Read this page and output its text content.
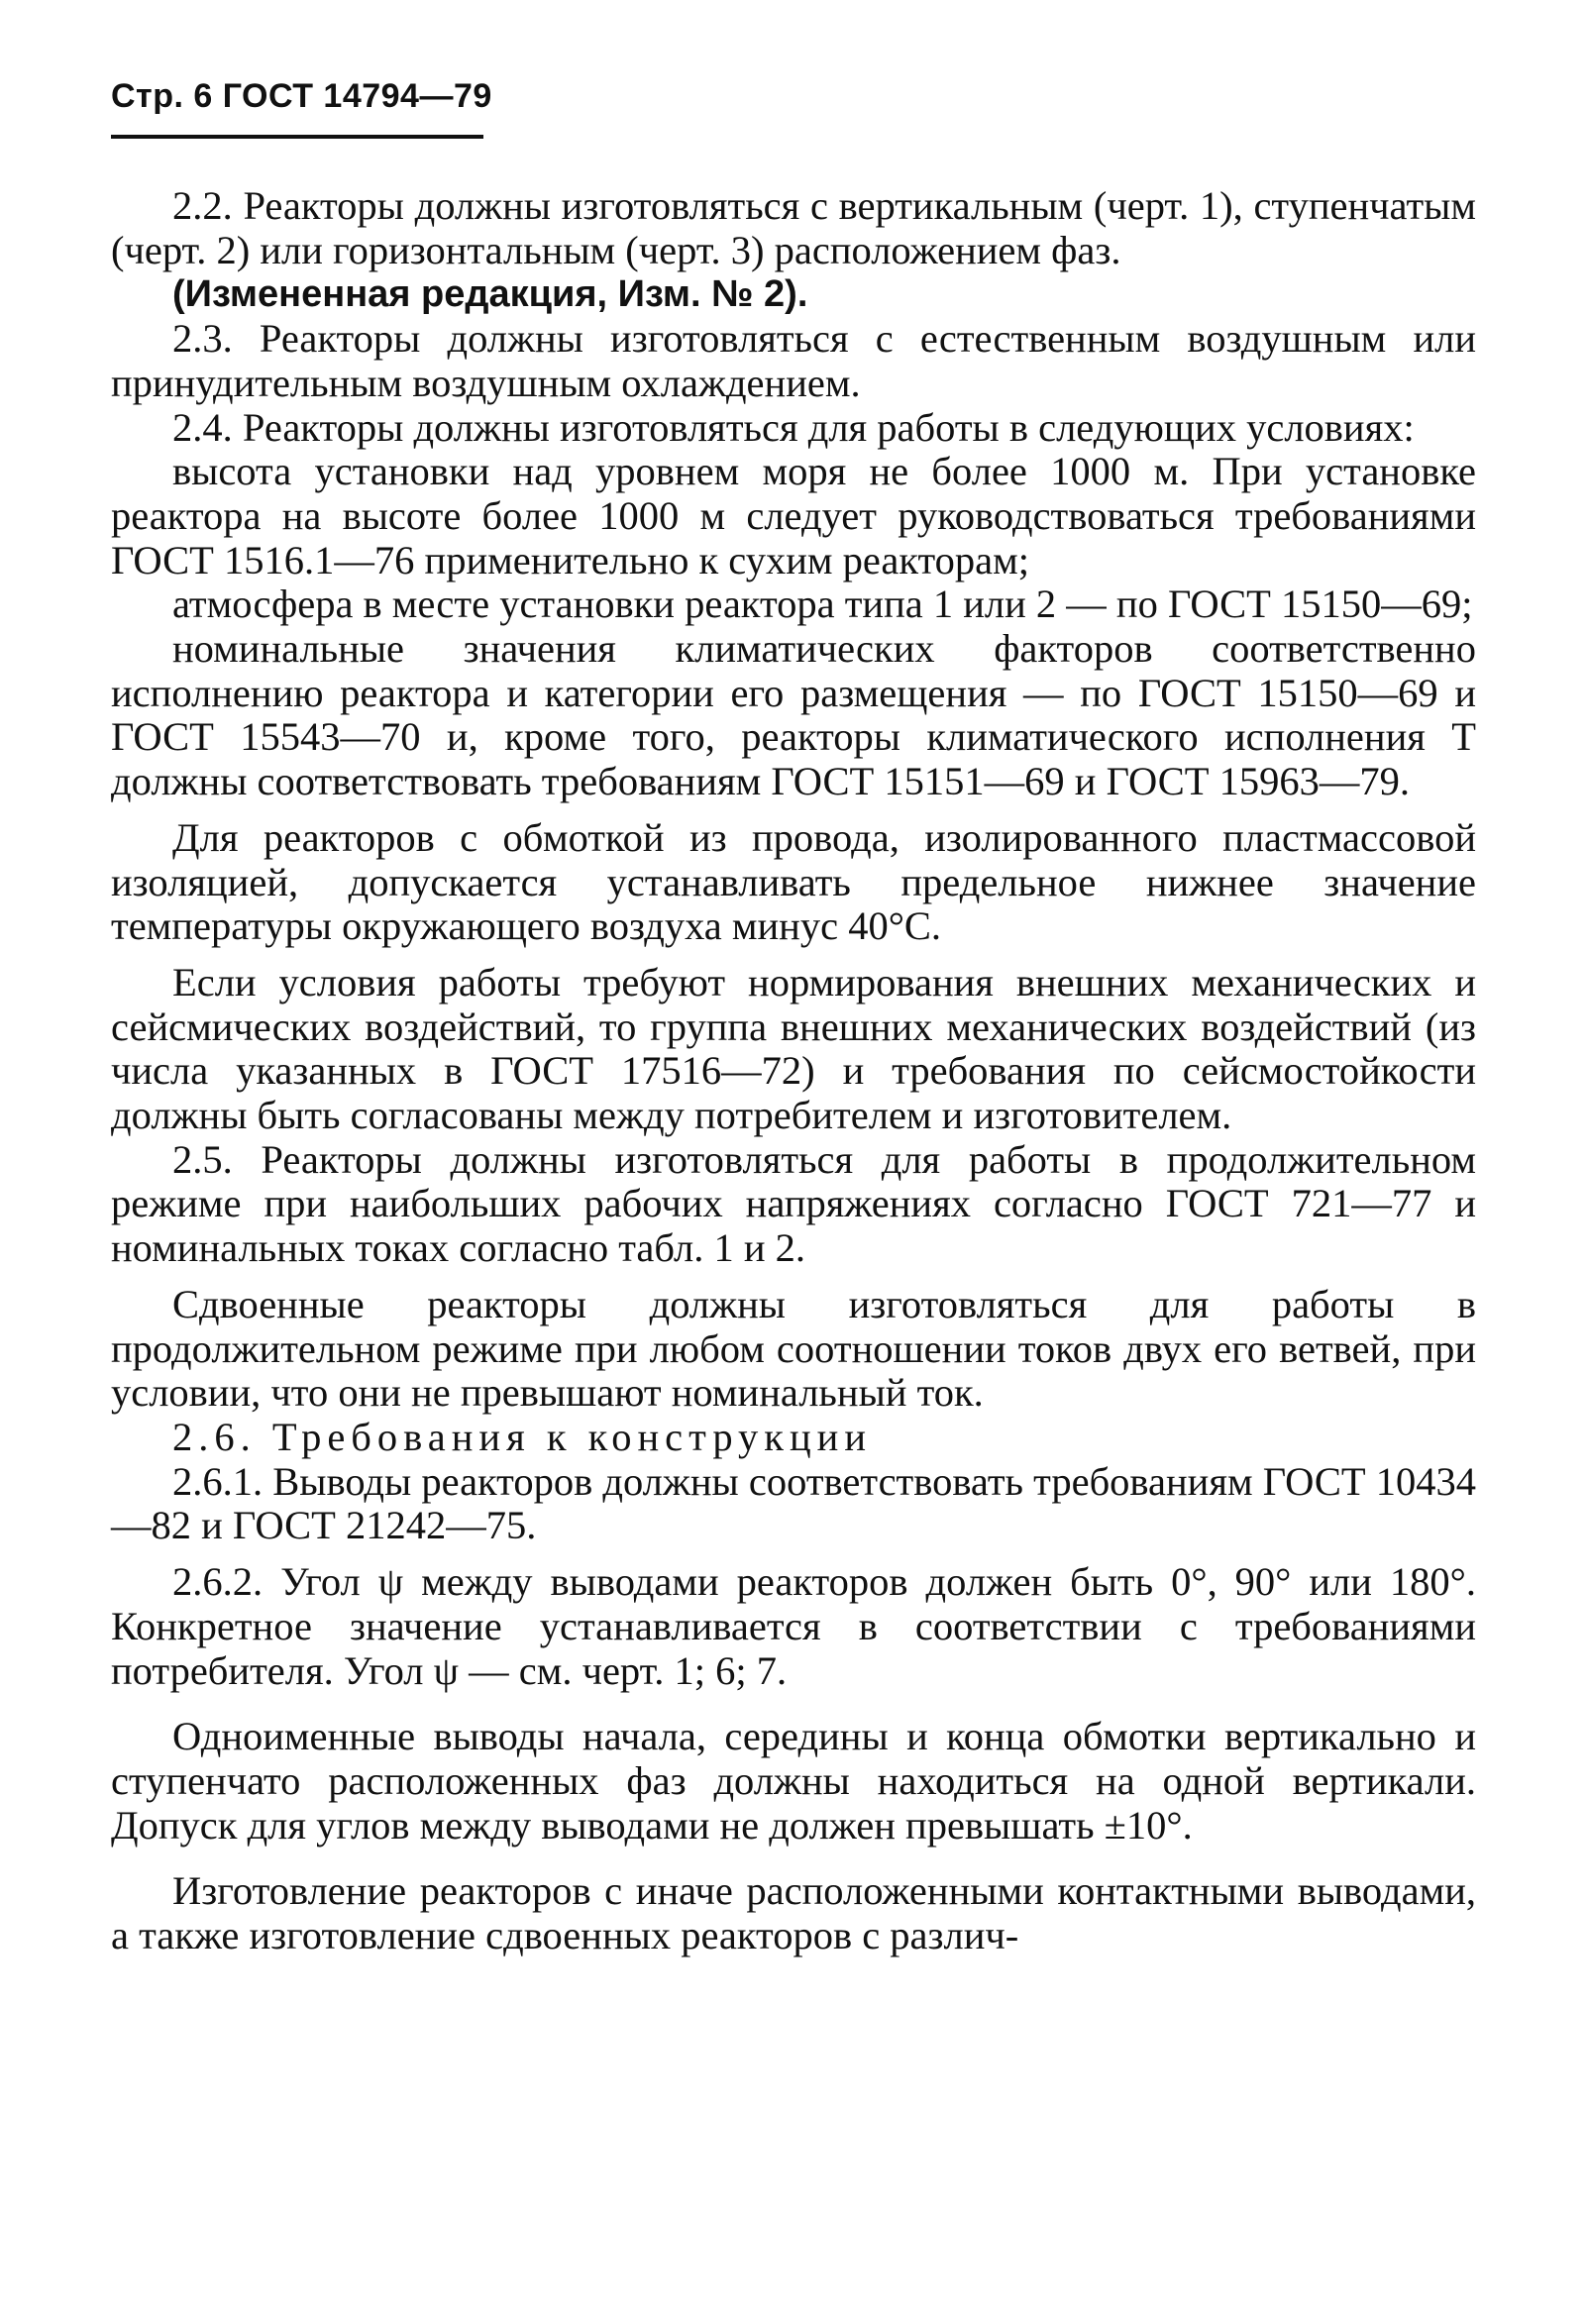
Стр. 6 ГОСТ 14794—79

2.2. Реакторы должны изготовляться с вертикальным (черт. 1), ступенчатым (черт. 2) или горизонтальным (черт. 3) расположением фаз.

(Измененная редакция, Изм. № 2).

2.3. Реакторы должны изготовляться с естественным воздушным или принудительным воздушным охлаждением.

2.4. Реакторы должны изготовляться для работы в следующих условиях:

высота установки над уровнем моря не более 1000 м. При установке реактора на высоте более 1000 м следует руководствоваться требованиями ГОСТ 1516.1—76 применительно к сухим реакторам;

атмосфера в месте установки реактора типа 1 или 2 — по ГОСТ 15150—69;

номинальные значения климатических факторов соответственно исполнению реактора и категории его размещения — по ГОСТ 15150—69 и ГОСТ 15543—70 и, кроме того, реакторы климатического исполнения Т должны соответствовать требованиям ГОСТ 15151—69 и ГОСТ 15963—79.

Для реакторов с обмоткой из провода, изолированного пластмассовой изоляцией, допускается устанавливать предельное нижнее значение температуры окружающего воздуха минус 40°С.

Если условия работы требуют нормирования внешних механических и сейсмических воздействий, то группа внешних механических воздействий (из числа указанных в ГОСТ 17516—72) и требования по сейсмостойкости должны быть согласованы между потребителем и изготовителем.

2.5. Реакторы должны изготовляться для работы в продолжительном режиме при наибольших рабочих напряжениях согласно ГОСТ 721—77 и номинальных токах согласно табл. 1 и 2.

Сдвоенные реакторы должны изготовляться для работы в продолжительном режиме при любом соотношении токов двух его ветвей, при условии, что они не превышают номинальный ток.

2.6. Требования к конструкции

2.6.1. Выводы реакторов должны соответствовать требованиям ГОСТ 10434—82 и ГОСТ 21242—75.

2.6.2. Угол ψ между выводами реакторов должен быть 0°, 90° или 180°. Конкретное значение устанавливается в соответствии с требованиями потребителя. Угол ψ — см. черт. 1; 6; 7.

Одноименные выводы начала, середины и конца обмотки вертикально и ступенчато расположенных фаз должны находиться на одной вертикали. Допуск для углов между выводами не должен превышать ±10°.

Изготовление реакторов с иначе расположенными контактными выводами, а также изготовление сдвоенных реакторов с различ-
